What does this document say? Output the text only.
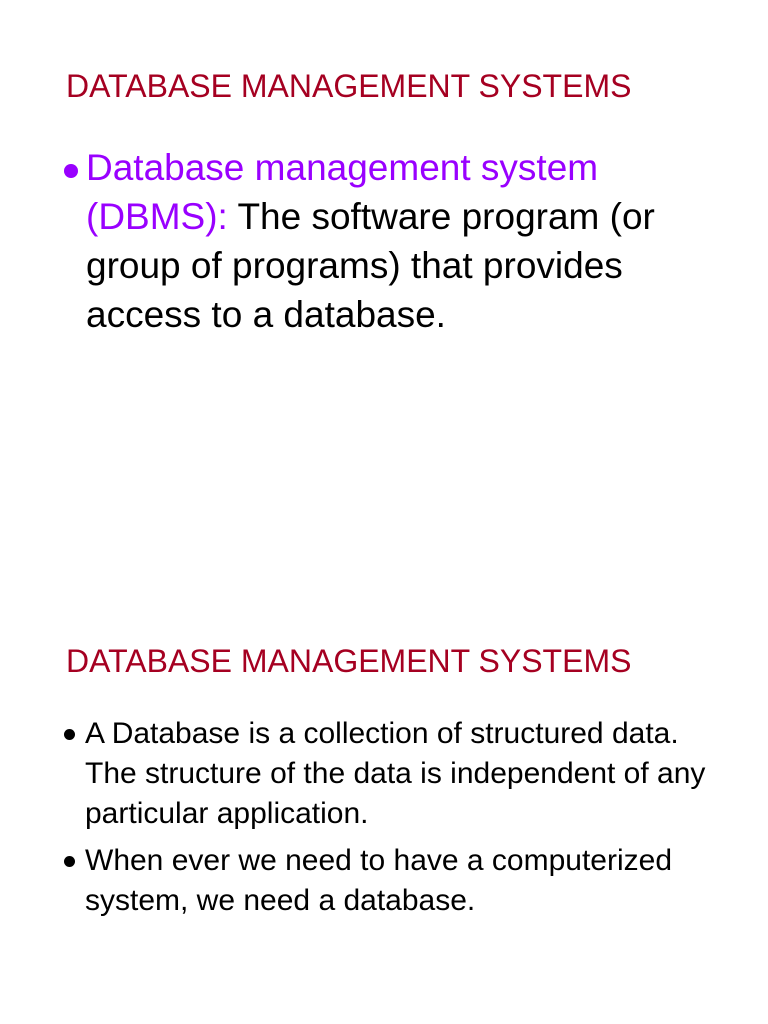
DATABASE MANAGEMENT SYSTEMS

Database management system (DBMS): The software program (or group of programs) that provides access to a database.

DATABASE MANAGEMENT SYSTEMS

A Database is a collection of structured data. The structure of the data is independent of any particular application.

When ever we need to have a computerized system, we need a database.
